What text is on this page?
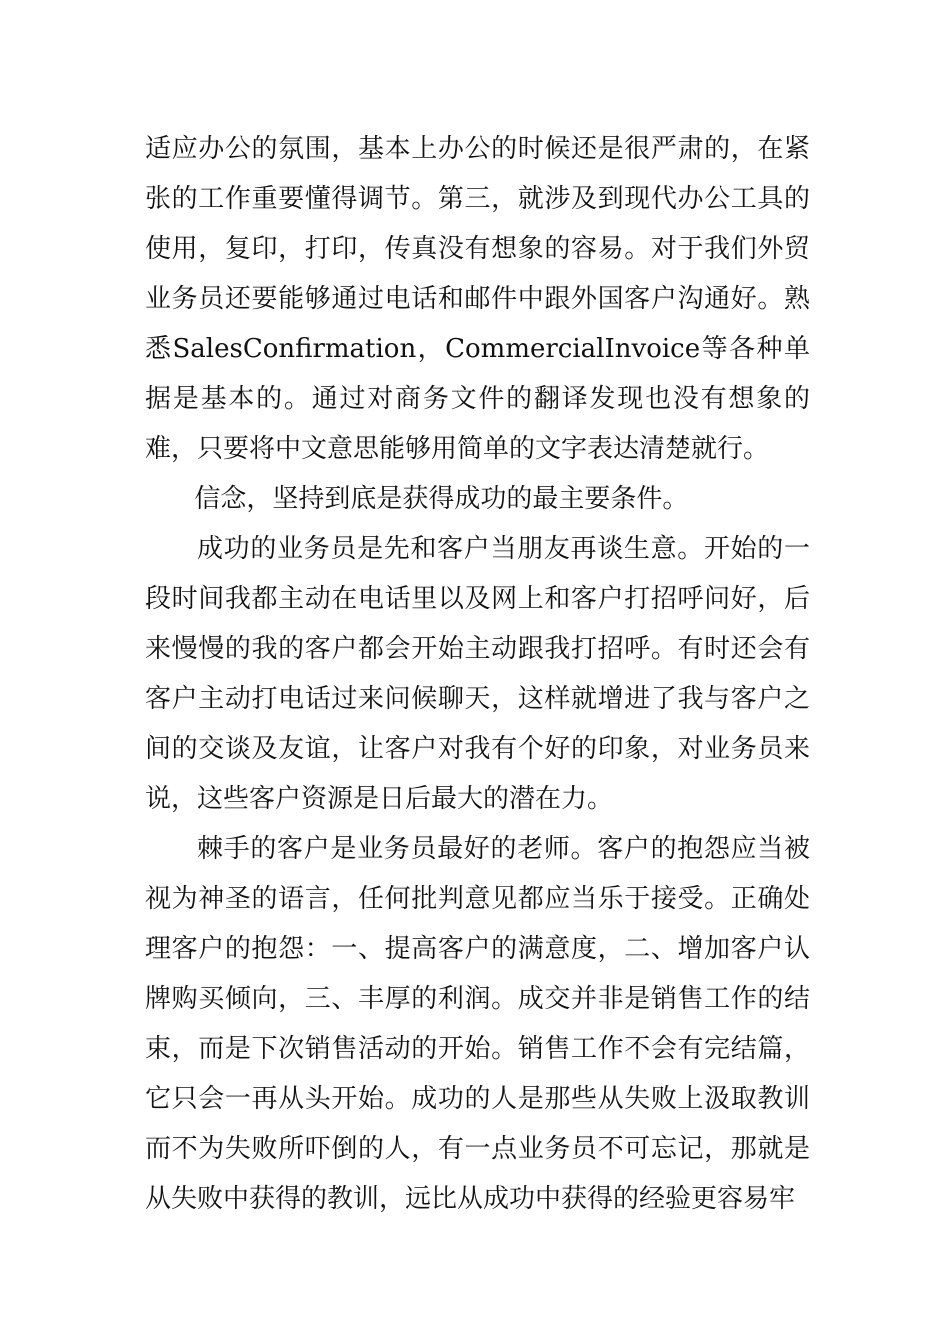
适应办公的氛围，基本上办公的时候还是很严肃的，在紧张的工作重要懂得调节。第三，就涉及到现代办公工具的使用，复印，打印，传真没有想象的容易。对于我们外贸业务员还要能够通过电话和邮件中跟外国客户沟通好。熟悉SalesConfirmation，CommercialInvoice等各种单据是基本的。通过对商务文件的翻译发现也没有想象的难，只要将中文意思能够用简单的文字表达清楚就行。

信念，坚持到底是获得成功的最主要条件。

成功的业务员是先和客户当朋友再谈生意。开始的一段时间我都主动在电话里以及网上和客户打招呼问好，后来慢慢的我的客户都会开始主动跟我打招呼。有时还会有客户主动打电话过来问候聊天，这样就增进了我与客户之间的交谈及友谊，让客户对我有个好的印象，对业务员来说，这些客户资源是日后最大的潜在力。

棘手的客户是业务员最好的老师。客户的抱怨应当被视为神圣的语言，任何批判意见都应当乐于接受。正确处理客户的抱怨：一、提高客户的满意度，二、增加客户认牌购买倾向，三、丰厚的利润。成交并非是销售工作的结束，而是下次销售活动的开始。销售工作不会有完结篇，它只会一再从头开始。成功的人是那些从失败上汲取教训而不为失败所吓倒的人，有一点业务员不可忘记，那就是从失败中获得的教训，远比从成功中获得的经验更容易牢
